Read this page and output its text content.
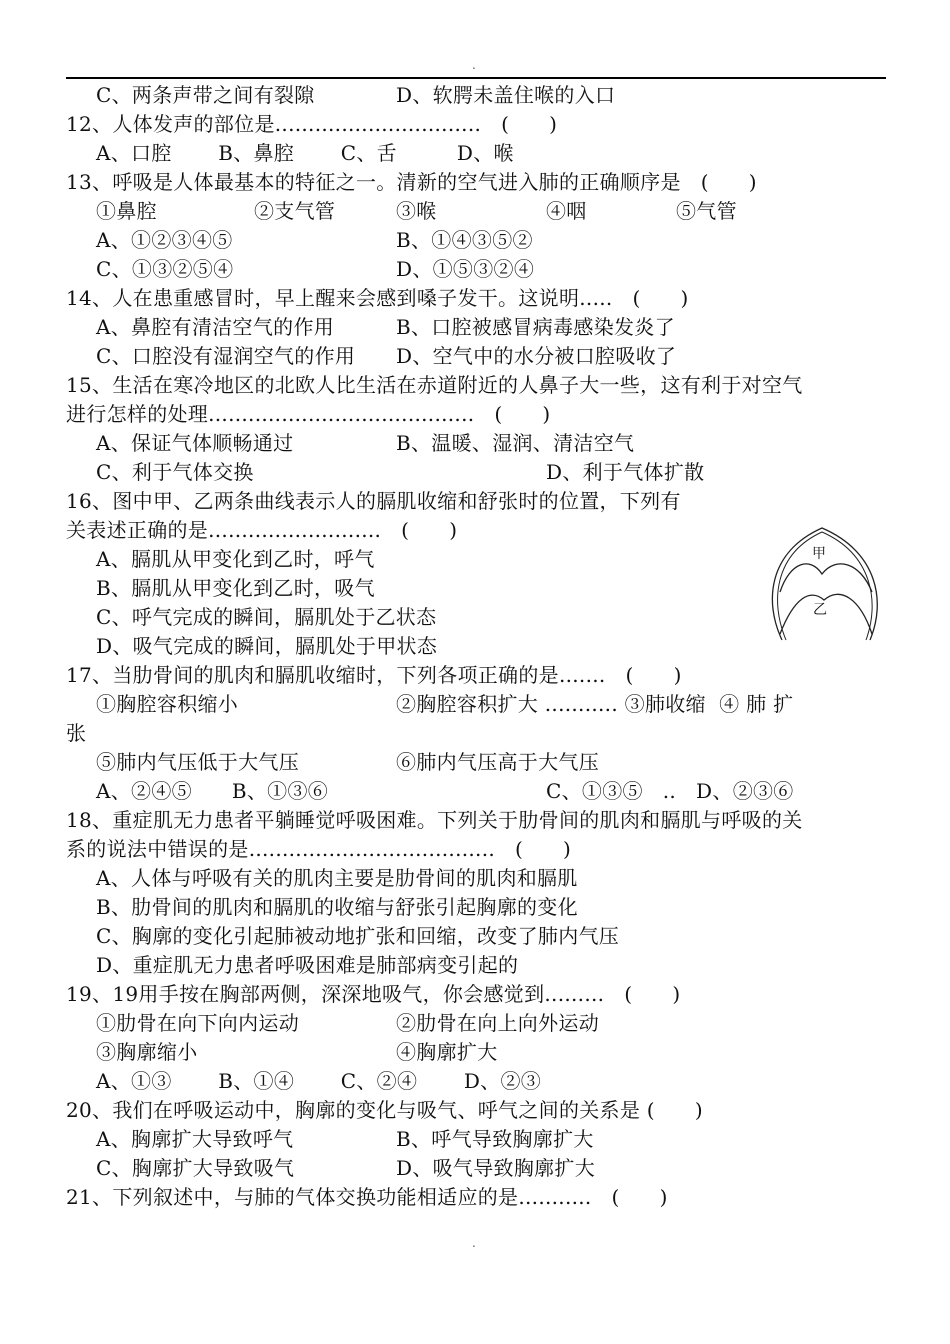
.
C、两条声带之间有裂隙	D、软腭未盖住喉的入口
12、人体发声的部位是...............................   (      )
A、口腔       B、鼻腔       C、舌         D、喉
13、呼吸是人体最基本的特征之一。清新的空气进入肺的正确顺序是   (      )
①鼻腔	②支气管	③喉	④咽	⑤气管
A、①②③④⑤	B、①④③⑤②
C、①③②⑤④	D、①⑤③②④
14、人在患重感冒时，早上醒来会感到嗓子发干。这说明.....   (      )
A、鼻腔有清洁空气的作用	B、口腔被感冒病毒感染发炎了
C、口腔没有湿润空气的作用 D、空气中的水分被口腔吸收了
15、生活在寒冷地区的北欧人比生活在赤道附近的人鼻子大一些，这有利于对空气
进行怎样的处理........................................   (      )
A、保证气体顺畅通过	B、温暖、湿润、清洁空气
C、利于气体交换	D、利于气体扩散
16、图中甲、乙两条曲线表示人的膈肌收缩和舒张时的位置，下列有
关表述正确的是..........................   (      )
A、膈肌从甲变化到乙时，呼气
B、膈肌从甲变化到乙时，吸气
C、呼气完成的瞬间，膈肌处于乙状态
D、吸气完成的瞬间，膈肌处于甲状态
甲
乙
17、当肋骨间的肌肉和膈肌收缩时，下列各项正确的是.......   (      )
①胸腔容积缩小	②胸腔容积扩大 ........... ③肺收缩  ④ 肺 扩
张
⑤肺内气压低于大气压	⑥肺内气压高于大气压
A、②④⑤      B、①③⑥	C、①③⑤   ..   D、②③⑥
18、重症肌无力患者平躺睡觉呼吸困难。下列关于肋骨间的肌肉和膈肌与呼吸的关
系的说法中错误的是.....................................   (      )
A、人体与呼吸有关的肌肉主要是肋骨间的肌肉和膈肌
B、肋骨间的肌肉和膈肌的收缩与舒张引起胸廓的变化
C、胸廓的变化引起肺被动地扩张和回缩，改变了肺内气压
D、重症肌无力患者呼吸困难是肺部病变引起的
19、19用手按在胸部两侧，深深地吸气，你会感觉到.........   (      )
①肋骨在向下向内运动	②肋骨在向上向外运动
③胸廓缩小	④胸廓扩大
A、①③       B、①④       C、②④       D、②③
20、我们在呼吸运动中，胸廓的变化与吸气、呼气之间的关系是 (      )
A、胸廓扩大导致呼气	B、呼气导致胸廓扩大
C、胸廓扩大导致吸气	D、吸气导致胸廓扩大
21、下列叙述中，与肺的气体交换功能相适应的是...........   (      )
.
